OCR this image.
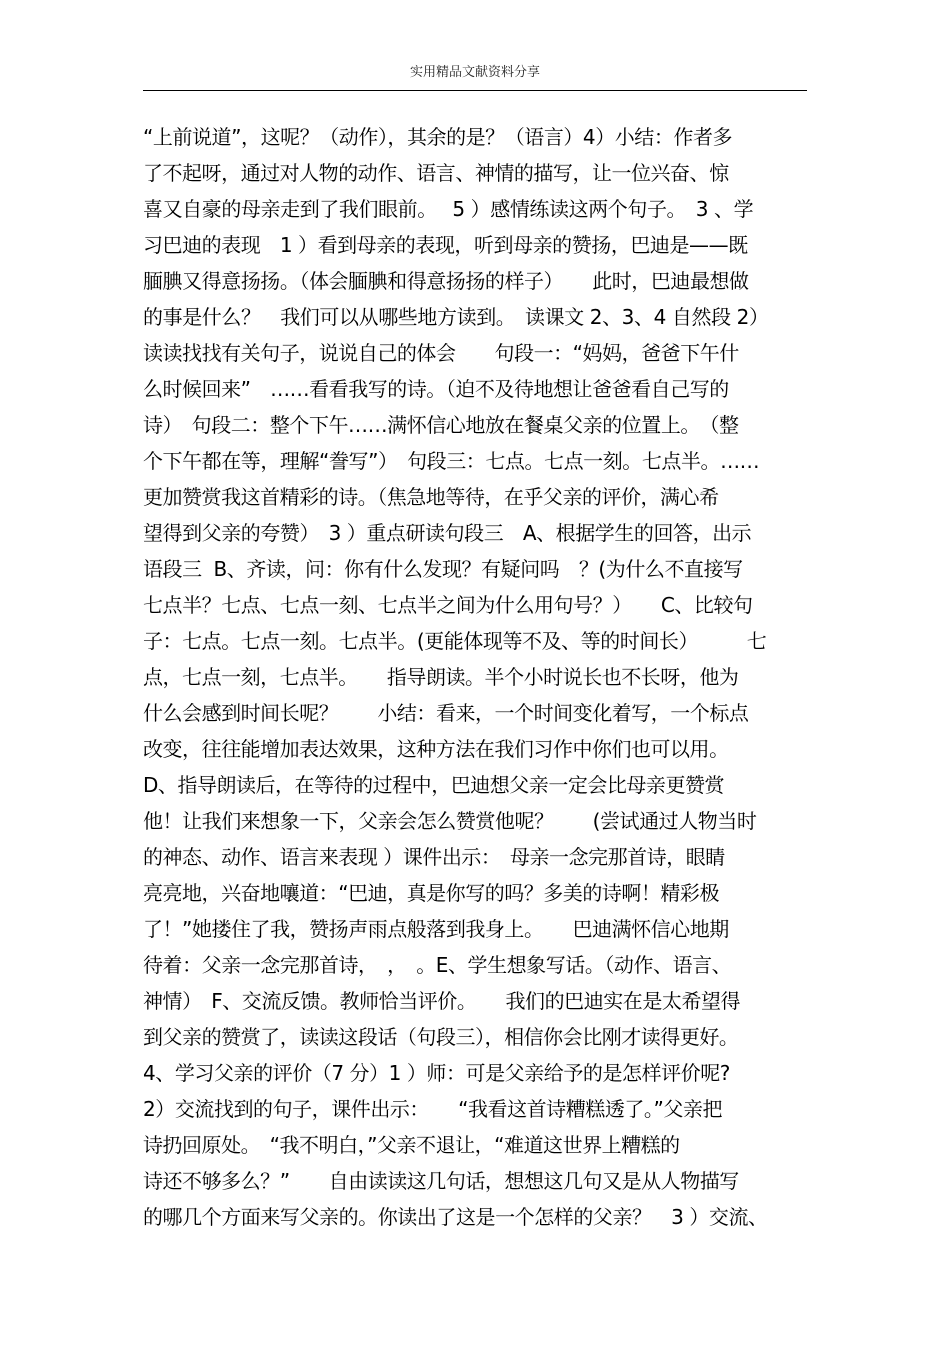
实用精品文献资料分享
“上前说道”，这呢？（动作），其余的是？（语言）4）小结：作者多
了不起呀，通过对人物的动作、语言、神情的描写，让一位兴奋、惊
喜又自豪的母亲走到了我们眼前。　 5 ）感情练读这两个句子。　3 、学
习巴迪的表现　1 ）看到母亲的表现，听到母亲的赞扬，巴迪是——既
腼腆又得意扬扬。（体会腼腆和得意扬扬的样子）　　此时，巴迪最想做
的事是什么？　我们可以从哪些地方读到。　读课文 2、3、4 自然段 2）
读读找找有关句子，说说自己的体会　　句段一：“妈妈，爸爸下午什
么时候回来”　……看看我写的诗。（迫不及待地想让爸爸看自己写的
诗）　句段二：整个下午……满怀信心地放在餐桌父亲的位置上。　（整
个下午都在等，理解“誊写”）　句段三：七点。七点一刻。七点半。……
更加赞赏我这首精彩的诗。（焦急地等待，在乎父亲的评价，满心希
望得到父亲的夸赞）　3 ）重点研读句段三　A、根据学生的回答，出示
语段三  B、齐读，问：你有什么发现？有疑问吗　？(为什么不直接写
七点半？七点、七点一刻、七点半之间为什么用句号？）　　C、比较句
子：七点。七点一刻。七点半。(更能体现等不及、等的时间长）　　　七
点，七点一刻，七点半。　　指导朗读。半个小时说长也不长呀，他为
什么会感到时间长呢？　　小结：看来，一个时间变化着写，一个标点
改变，往往能增加表达效果，这种方法在我们习作中你们也可以用。
D、指导朗读后，在等待的过程中，巴迪想父亲一定会比母亲更赞赏
他！让我们来想象一下，父亲会怎么赞赏他呢？　　(尝试通过人物当时
的神态、动作、语言来表现 ）课件出示：　母亲一念完那首诗，眼睛
亮亮地，兴奋地嚷道：“巴迪，真是你写的吗？多美的诗啊！精彩极
了！”她搂住了我，赞扬声雨点般落到我身上。　　巴迪满怀信心地期
待着：父亲一念完那首诗，　，　。E、学生想象写话。（动作、语言、
神情）　F、交流反馈。教师恰当评价。　　我们的巴迪实在是太希望得
到父亲的赞赏了，读读这段话（句段三），相信你会比刚才读得更好。
4、学习父亲的评价（7 分）1 ）师：可是父亲给予的是怎样评价呢?
2）交流找到的句子，课件出示：　　“我看这首诗糟糕透了。”父亲把
诗扔回原处。　“我不明白，”父亲不退让，“难道这世界上糟糕的
诗还不够多么？”　　自由读读这几句话，想想这几句又是从人物描写
的哪几个方面来写父亲的。你读出了这是一个怎样的父亲？　3 ）交流、
